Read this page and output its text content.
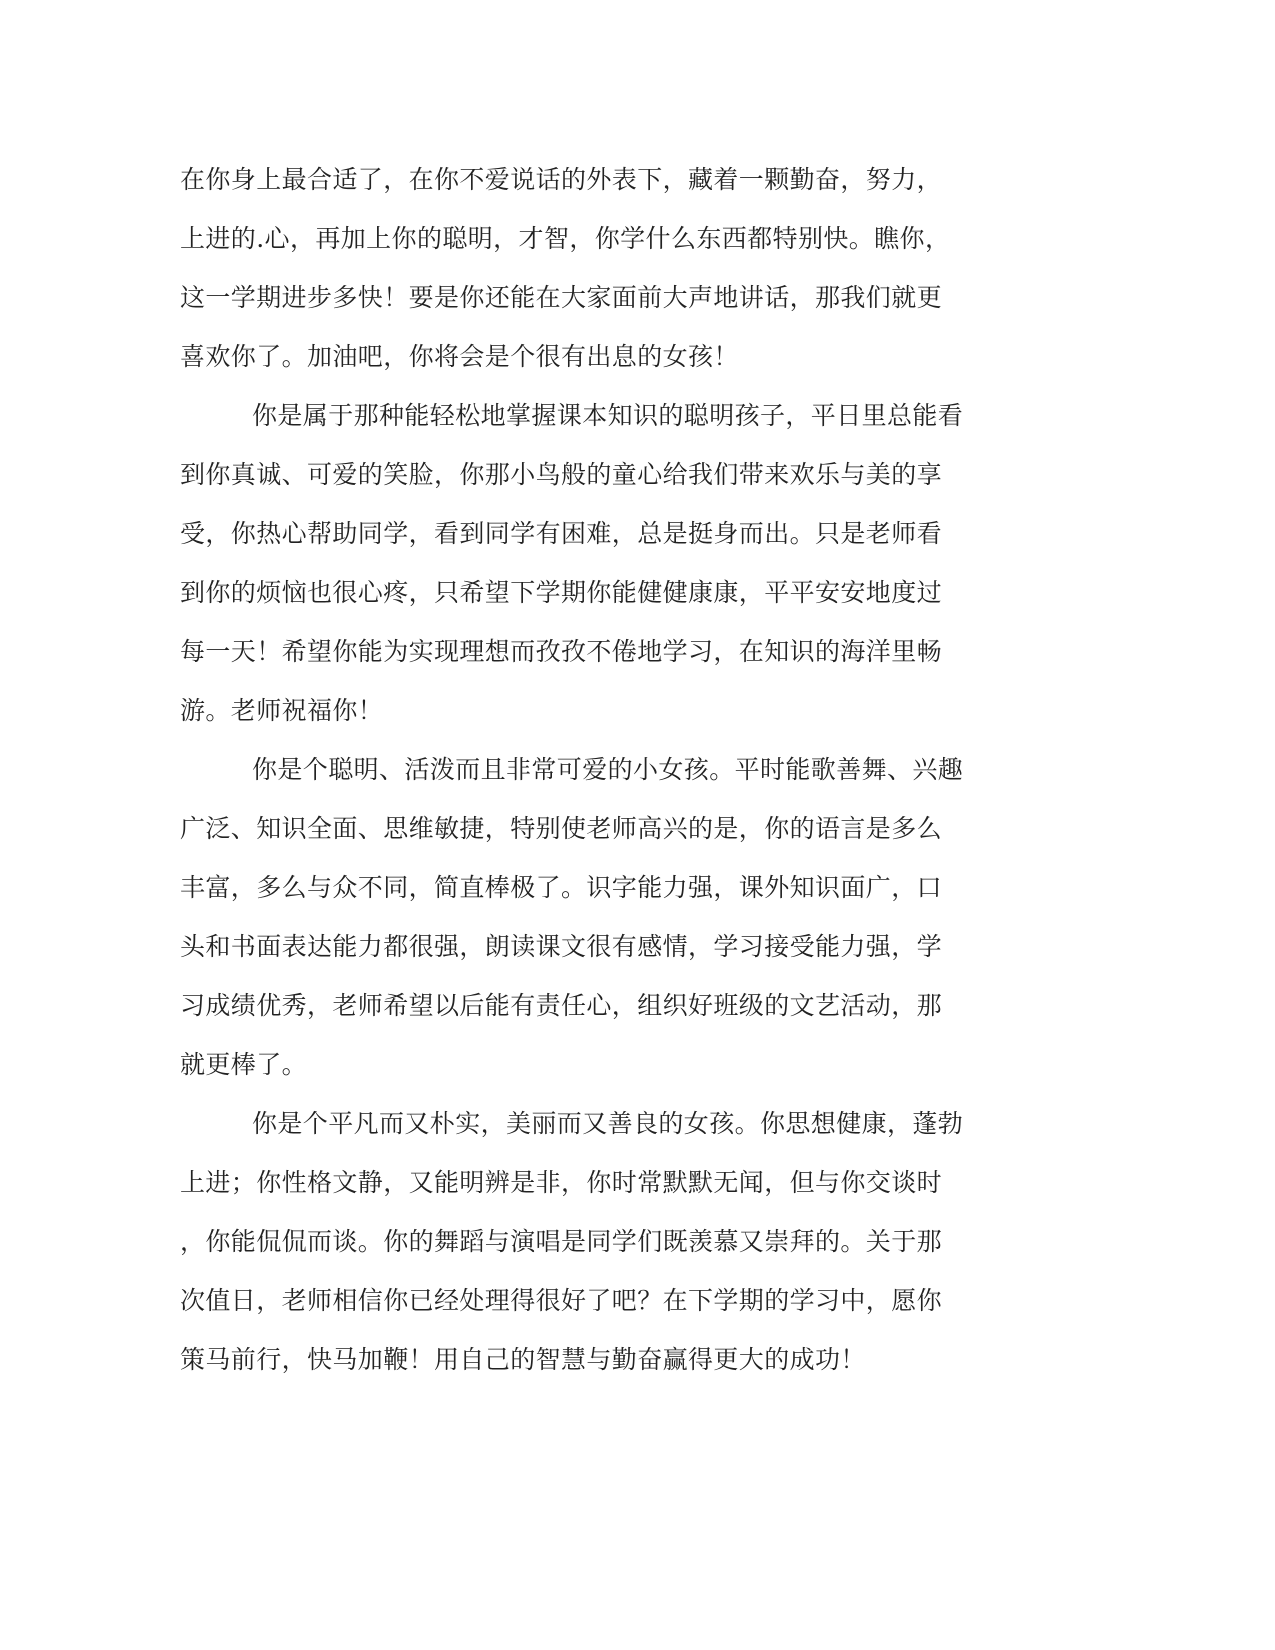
在你身上最合适了，在你不爱说话的外表下，藏着一颗勤奋，努力，
上进的.心，再加上你的聪明，才智，你学什么东西都特别快。瞧你，
这一学期进步多快！要是你还能在大家面前大声地讲话，那我们就更
喜欢你了。加油吧，你将会是个很有出息的女孩！
你是属于那种能轻松地掌握课本知识的聪明孩子，平日里总能看
到你真诚、可爱的笑脸，你那小鸟般的童心给我们带来欢乐与美的享
受，你热心帮助同学，看到同学有困难，总是挺身而出。只是老师看
到你的烦恼也很心疼，只希望下学期你能健健康康，平平安安地度过
每一天！希望你能为实现理想而孜孜不倦地学习，在知识的海洋里畅
游。老师祝福你！
你是个聪明、活泼而且非常可爱的小女孩。平时能歌善舞、兴趣
广泛、知识全面、思维敏捷，特别使老师高兴的是，你的语言是多么
丰富，多么与众不同，简直棒极了。识字能力强，课外知识面广，口
头和书面表达能力都很强，朗读课文很有感情，学习接受能力强，学
习成绩优秀，老师希望以后能有责任心，组织好班级的文艺活动，那
就更棒了。
你是个平凡而又朴实，美丽而又善良的女孩。你思想健康，蓬勃
上进；你性格文静，又能明辨是非，你时常默默无闻，但与你交谈时
，你能侃侃而谈。你的舞蹈与演唱是同学们既羡慕又崇拜的。关于那
次值日，老师相信你已经处理得很好了吧？在下学期的学习中，愿你
策马前行，快马加鞭！用自己的智慧与勤奋赢得更大的成功！
